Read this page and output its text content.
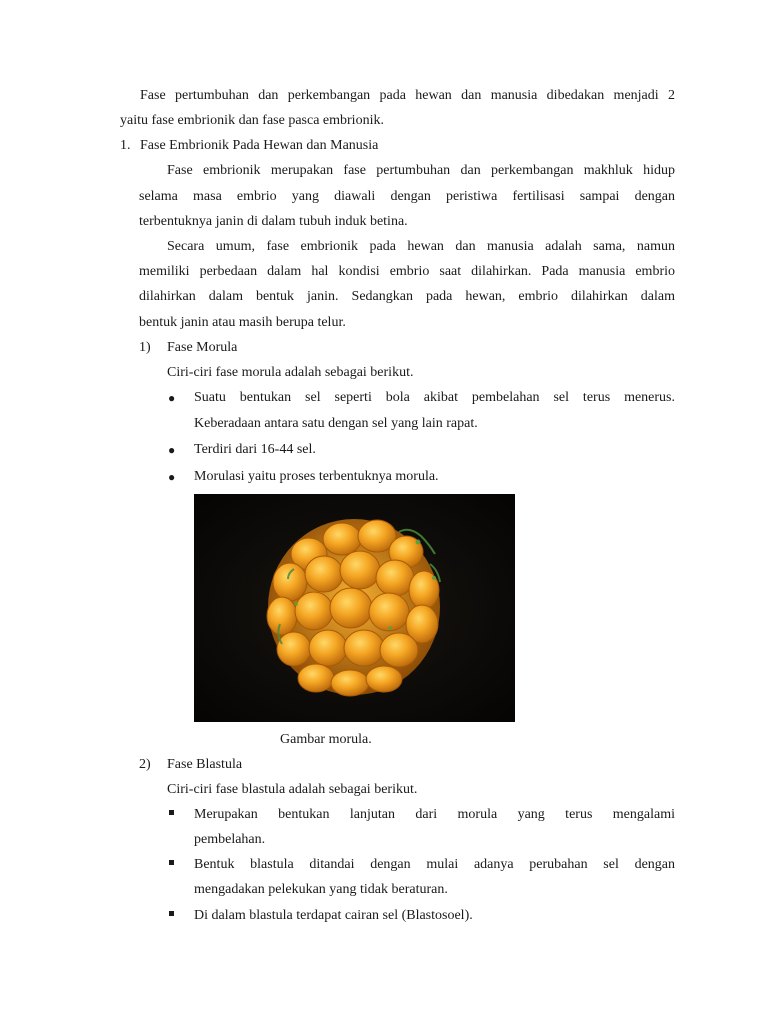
Fase pertumbuhan dan perkembangan pada hewan dan manusia dibedakan menjadi 2
yaitu fase embrionik dan fase pasca embrionik.
1. Fase Embrionik Pada Hewan dan Manusia
Fase embrionik merupakan fase pertumbuhan dan perkembangan makhluk hidup
selama masa embrio yang diawali dengan peristiwa fertilisasi sampai dengan
terbentuknya janin di dalam tubuh induk betina.
Secara umum, fase embrionik pada hewan dan manusia adalah sama, namun
memiliki perbedaan dalam hal kondisi embrio saat dilahirkan. Pada manusia embrio
dilahirkan dalam bentuk janin. Sedangkan pada hewan, embrio dilahirkan dalam
bentuk janin atau masih berupa telur.
1) Fase Morula
Ciri-ciri fase morula adalah sebagai berikut.
● Suatu bentukan sel seperti bola akibat pembelahan sel terus menerus.
Keberadaan antara satu dengan sel yang lain rapat.
● Terdiri dari 16-44 sel.
● Morulasi yaitu proses terbentuknya morula.
Gambar morula.
2) Fase Blastula
Ciri-ciri fase blastula adalah sebagai berikut.
Merupakan bentukan lanjutan dari morula yang terus mengalami
pembelahan.
Bentuk blastula ditandai dengan mulai adanya perubahan sel dengan
mengadakan pelekukan yang tidak beraturan.
Di dalam blastula terdapat cairan sel (Blastosoel).
